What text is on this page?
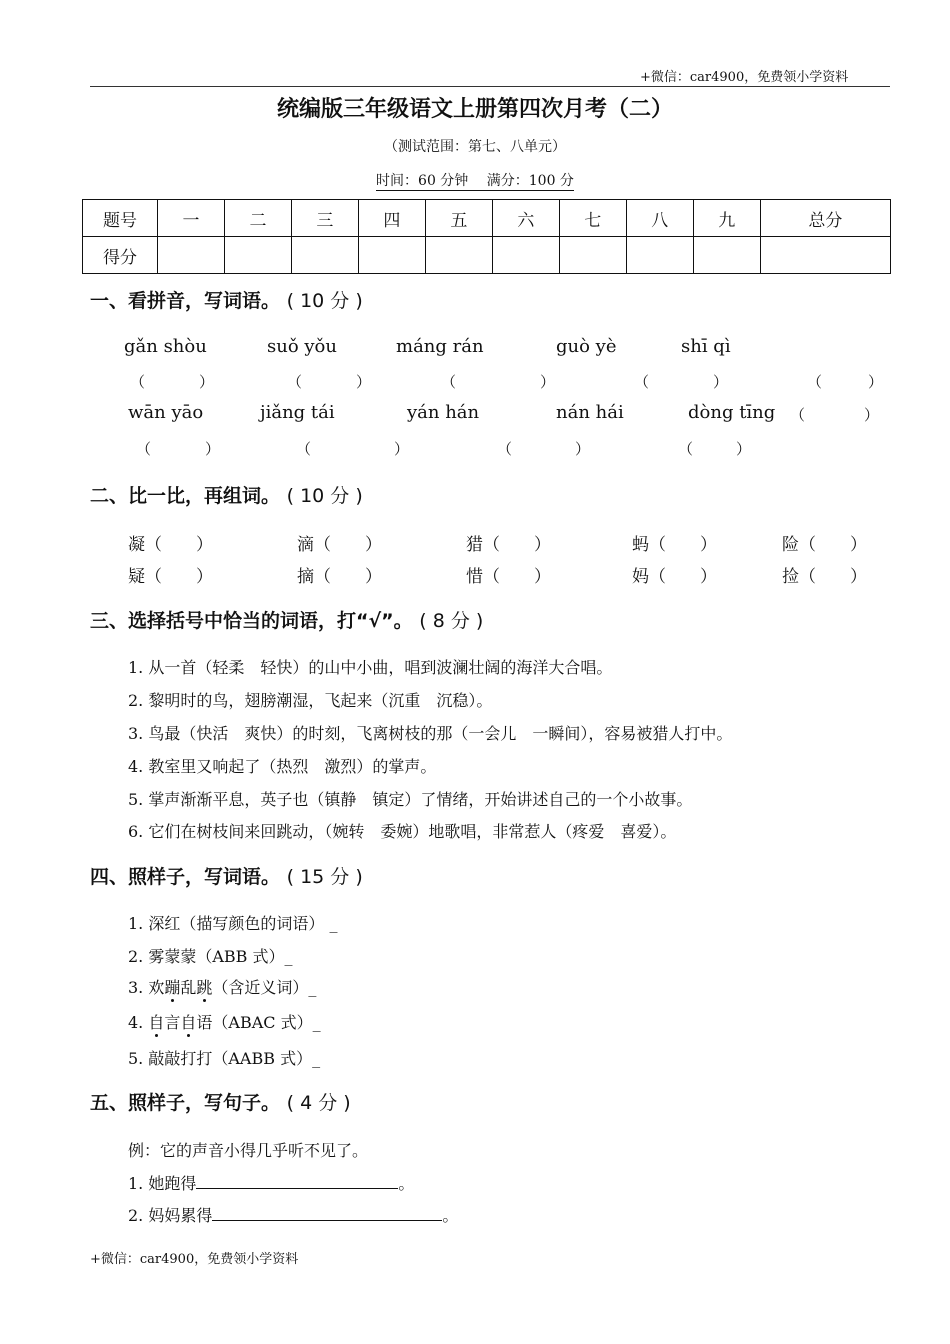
+微信：car4900，免费领小学资料
统编版三年级语文上册第四次月考（二）
（测试范围：第七、八单元）
时间：60 分钟　 满分：100 分
题号	一	二	三	四	五	六	七	八	九	总分
得分										
一、看拼音，写词语。 ( 10 分 )
gǎn shòu	suǒ yǒu	máng rán	guò yè	shī qì
（	）	（	）	（	）	（	）	（	）
wān yāo	jiǎng tái	yán hán	nán hái	dòng tīng （	）
（	）	（	）	（	）	（	）
二、比一比，再组词。 ( 10 分 )
凝（ ）	滴（ ）	猎（ ）	蚂（ ）	险（ ）
疑（ ）	摘（ ）	惜（ ）	妈（ ）	捡（ ）
三、选择括号中恰当的词语，打“√”。 ( 8 分 )
1. 从一首（轻柔　轻快）的山中小曲，唱到波澜壮阔的海洋大合唱。
2. 黎明时的鸟，翅膀潮湿，飞起来（沉重　沉稳）。
3. 鸟最（快活　爽快）的时刻，飞离树枝的那（一会儿　一瞬间），容易被猎人打中。
4. 教室里又响起了（热烈　激烈）的掌声。
5. 掌声渐渐平息，英子也（镇静　镇定）了情绪，开始讲述自己的一个小故事。
6. 它们在树枝间来回跳动，（婉转　委婉）地歌唱，非常惹人（疼爱　喜爱）。
四、照样子，写词语。 ( 15 分 )
1. 深红（描写颜色的词语） _
2. 雾蒙蒙（ABB 式）_
3. 欢蹦乱跳（含近义词）_
4. 自言自语（ABAC 式）_
5. 敲敲打打（AABB 式）_
五、照样子，写句子。 ( 4 分 )
例：它的声音小得几乎听不见了。
1. 她跑得	。
2. 妈妈累得	。
+微信：car4900，免费领小学资料
